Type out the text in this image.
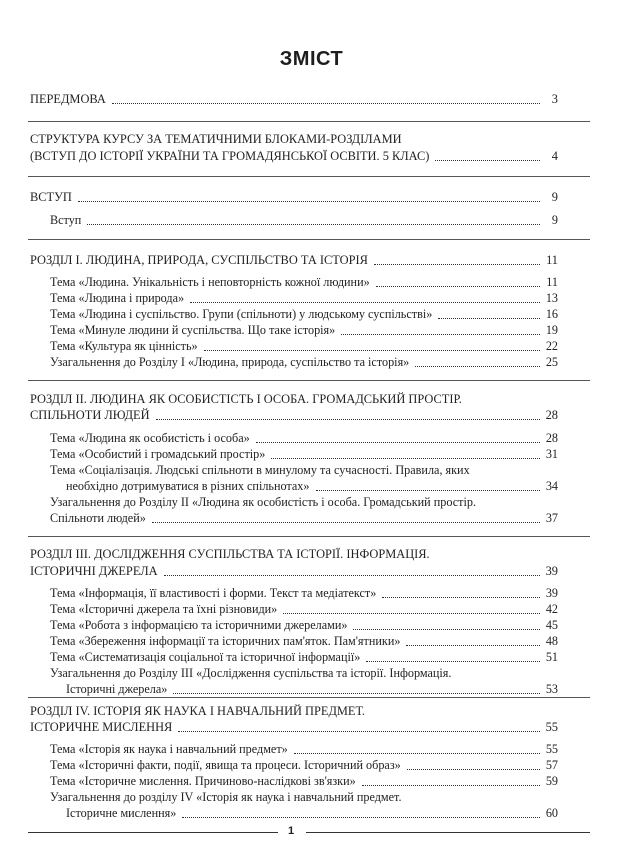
ЗМІСТ
ПЕРЕДМОВА	3
СТРУКТУРА КУРСУ ЗА ТЕМАТИЧНИМИ БЛОКАМИ-РОЗДІЛАМИ
(ВСТУП ДО ІСТОРІЇ УКРАЇНИ ТА ГРОМАДЯНСЬКОЇ ОСВІТИ. 5 КЛАС)	4
ВСТУП	9
Вступ	9
РОЗДІЛ I. ЛЮДИНА, ПРИРОДА, СУСПІЛЬСТВО ТА ІСТОРІЯ	11
Тема «Людина. Унікальність і неповторність кожної людини»	11
Тема «Людина і природа»	13
Тема «Людина і суспільство. Групи (спільноти) у людському суспільстві»	16
Тема «Минуле людини й суспільства. Що таке історія»	19
Тема «Культура як цінність»	22
Узагальнення до Розділу I «Людина, природа, суспільство та історія»	25
РОЗДІЛ II. ЛЮДИНА ЯК ОСОБИСТІСТЬ І ОСОБА. ГРОМАДСЬКИЙ ПРОСТІР.
СПІЛЬНОТИ ЛЮДЕЙ	28
Тема «Людина як особистість і особа»	28
Тема «Особистий і громадський простір»	31
Тема «Соціалізація. Людські спільноти в минулому та сучасності. Правила, яких
необхідно дотримуватися в різних спільнотах»	34
Узагальнення до Розділу II «Людина як особистість і особа. Громадський простір.
Спільноти людей»	37
РОЗДІЛ III. ДОСЛІДЖЕННЯ СУСПІЛЬСТВА ТА ІСТОРІЇ. ІНФОРМАЦІЯ.
ІСТОРИЧНІ ДЖЕРЕЛА	39
Тема «Інформація, її властивості і форми. Текст та медіатекст»	39
Тема «Історичні джерела та їхні різновиди»	42
Тема «Робота з інформацією та історичними джерелами»	45
Тема «Збереження інформації та історичних пам'яток. Пам'ятники»	48
Тема «Систематизація соціальної та історичної інформації»	51
Узагальнення до Розділу III «Дослідження суспільства та історії. Інформація.
Історичні джерела»	53
РОЗДІЛ IV. ІСТОРІЯ ЯК НАУКА І НАВЧАЛЬНИЙ ПРЕДМЕТ.
ІСТОРИЧНЕ МИСЛЕННЯ	55
Тема «Історія як наука і навчальний предмет»	55
Тема «Історичні факти, події, явища та процеси. Історичний образ»	57
Тема «Історичне мислення. Причиново-наслідкові зв'язки»	59
Узагальнення до розділу IV «Історія як наука і навчальний предмет.
1
Історичне мислення»	60
